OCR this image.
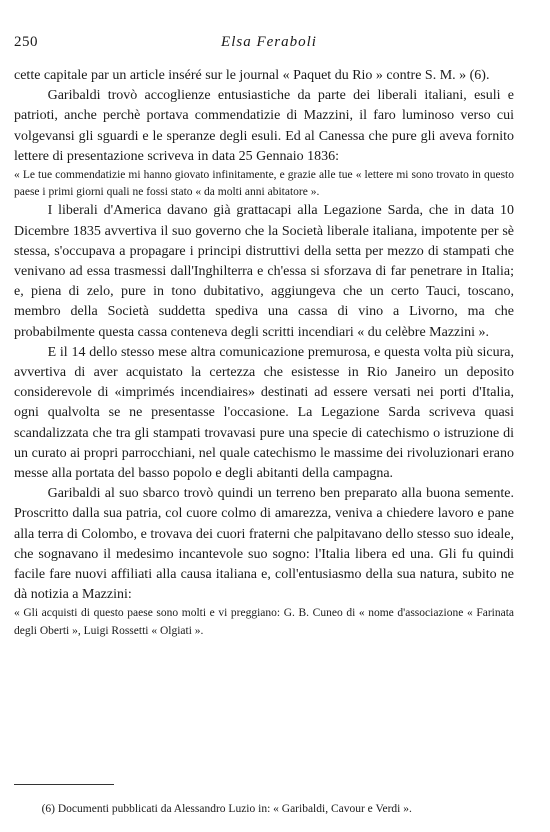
250	Elsa Feraboli

cette capitale par un article inséré sur le journal « Paquet du Rio » contre S. M. » (6).

Garibaldi trovò accoglienze entusiastiche da parte dei liberali italiani, esuli e patrioti, anche perchè portava commendatizie di Mazzini, il faro luminoso verso cui volgevansi gli sguardi e le speranze degli esuli. Ed al Canessa che pure gli aveva fornito lettere di presentazione scriveva in data 25 Gennaio 1836:

« Le tue commendatizie mi hanno giovato infinitamente, e grazie alle tue « lettere mi sono trovato in questo paese i primi giorni quali ne fossi stato « da molti anni abitatore ».

I liberali d'America davano già grattacapi alla Legazione Sarda, che in data 10 Dicembre 1835 avvertiva il suo governo che la Società liberale italiana, impotente per sè stessa, s'occupava a propagare i principi distruttivi della setta per mezzo di stampati che venivano ad essa trasmessi dall'Inghilterra e ch'essa si sforzava di far penetrare in Italia; e, piena di zelo, pure in tono dubitativo, aggiungeva che un certo Tauci, toscano, membro della Società suddetta spediva una cassa di vino a Livorno, ma che probabilmente questa cassa conteneva degli scritti incendiari « du celèbre Mazzini ».

E il 14 dello stesso mese altra comunicazione premurosa, e questa volta più sicura, avvertiva di aver acquistato la certezza che esistesse in Rio Janeiro un deposito considerevole di «imprimés incendiaires» destinati ad essere versati nei porti d'Italia, ogni qualvolta se ne presentasse l'occasione. La Legazione Sarda scriveva quasi scandalizzata che tra gli stampati trovavasi pure una specie di catechismo o istruzione di un curato ai propri parrocchiani, nel quale catechismo le massime dei rivoluzionari erano messe alla portata del basso popolo e degli abitanti della campagna.

Garibaldi al suo sbarco trovò quindi un terreno ben preparato alla buona semente. Proscritto dalla sua patria, col cuore colmo di amarezza, veniva a chiedere lavoro e pane alla terra di Colombo, e trovava dei cuori fraterni che palpitavano dello stesso suo ideale, che sognavano il medesimo incantevole suo sogno: l'Italia libera ed una. Gli fu quindi facile fare nuovi affiliati alla causa italiana e, coll'entusiasmo della sua natura, subito ne dà notizia a Mazzini:

« Gli acquisti di questo paese sono molti e vi preggiano: G. B. Cuneo di « nome d'associazione « Farinata degli Oberti », Luigi Rossetti « Olgiati ».

(6) Documenti pubblicati da Alessandro Luzio in: « Garibaldi, Cavour e Verdi ».
